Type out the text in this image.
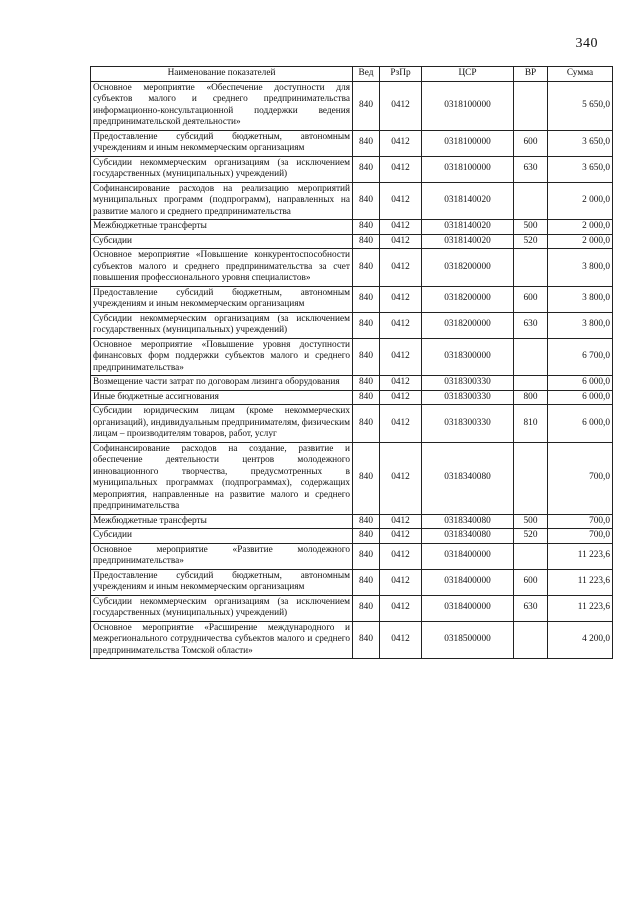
340
Наименование показателей	Вед	РзПр	ЦСР	ВР	Сумма
Основное мероприятие «Обеспечение доступности для субъектов малого и среднего предпринимательства информационно-консультационной поддержки ведения предпринимательской деятельности»	840	0412	0318100000		5 650,0
Предоставление субсидий бюджетным, автономным учреждениям и иным некоммерческим организациям	840	0412	0318100000	600	3 650,0
Субсидии некоммерческим организациям (за исключением государственных (муниципальных) учреждений)	840	0412	0318100000	630	3 650,0
Софинансирование расходов на реализацию мероприятий муниципальных программ (подпрограмм), направленных на развитие малого и среднего предпринимательства	840	0412	0318140020		2 000,0
Межбюджетные трансферты	840	0412	0318140020	500	2 000,0
Субсидии	840	0412	0318140020	520	2 000,0
Основное мероприятие «Повышение конкурентоспособности субъектов малого и среднего предпринимательства за счет повышения профессионального уровня специалистов»	840	0412	0318200000		3 800,0
Предоставление субсидий бюджетным, автономным учреждениям и иным некоммерческим организациям	840	0412	0318200000	600	3 800,0
Субсидии некоммерческим организациям (за исключением государственных (муниципальных) учреждений)	840	0412	0318200000	630	3 800,0
Основное мероприятие «Повышение уровня доступности финансовых форм поддержки субъектов малого и среднего предпринимательства»	840	0412	0318300000		6 700,0
Возмещение части затрат по договорам лизинга оборудования	840	0412	0318300330		6 000,0
Иные бюджетные ассигнования	840	0412	0318300330	800	6 000,0
Субсидии юридическим лицам (кроме некоммерческих организаций), индивидуальным предпринимателям, физическим лицам – производителям товаров, работ, услуг	840	0412	0318300330	810	6 000,0
Софинансирование расходов на создание, развитие и обеспечение деятельности центров молодежного инновационного творчества, предусмотренных в муниципальных программах (подпрограммах), содержащих мероприятия, направленные на развитие малого и среднего предпринимательства	840	0412	0318340080		700,0
Межбюджетные трансферты	840	0412	0318340080	500	700,0
Субсидии	840	0412	0318340080	520	700,0
Основное мероприятие «Развитие молодежного предпринимательства»	840	0412	0318400000		11 223,6
Предоставление субсидий бюджетным, автономным учреждениям и иным некоммерческим организациям	840	0412	0318400000	600	11 223,6
Субсидии некоммерческим организациям (за исключением государственных (муниципальных) учреждений)	840	0412	0318400000	630	11 223,6
Основное мероприятие «Расширение международного и межрегионального сотрудничества субъектов малого и среднего предпринимательства Томской области»	840	0412	0318500000		4 200,0
